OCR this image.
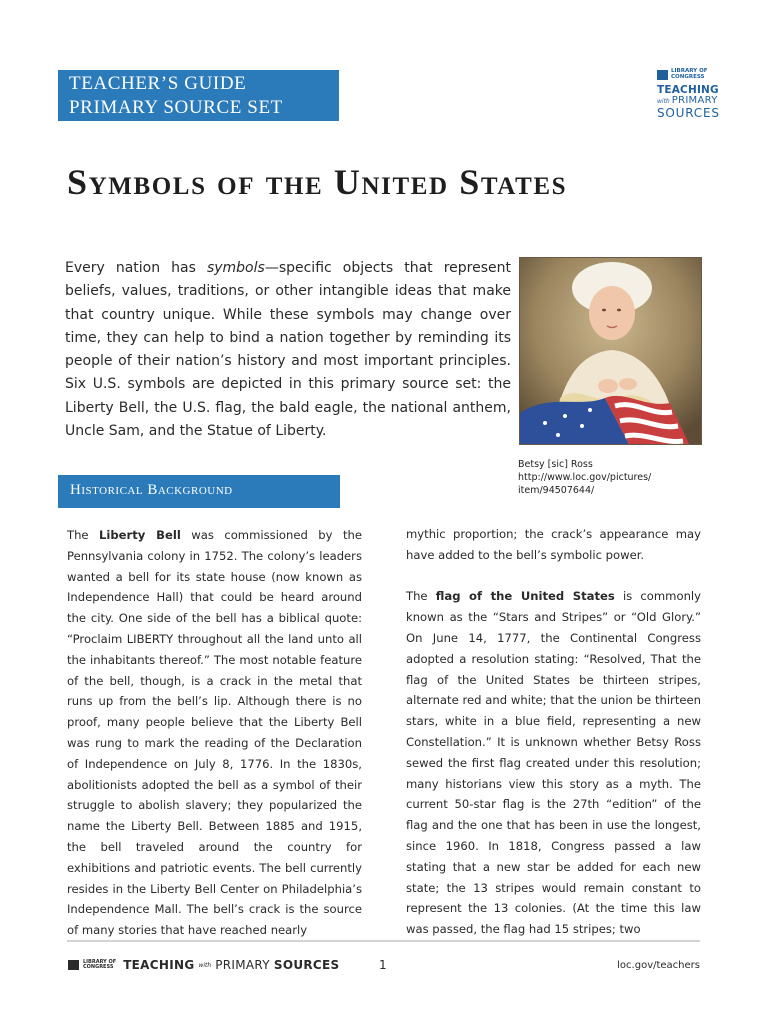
TEACHER’S GUIDE
PRIMARY SOURCE SET
LIBRARY OF
CONGRESS
TEACHING
with PRIMARY
SOURCES
Symbols of the United States

Every nation has symbols—specific objects that represent beliefs, values, traditions, or other intangible ideas that make that country unique. While these symbols may change over time, they can help to bind a nation together by reminding its people of their nation’s history and most important principles. Six U.S. symbols are depicted in this primary source set: the Liberty Bell, the U.S. flag, the bald eagle, the national anthem, Uncle Sam, and the Statue of Liberty.

Betsy [sic] Ross
http://www.loc.gov/pictures/
item/94507644/
Historical Background

The Liberty Bell was commissioned by the Pennsylvania colony in 1752. The colony’s leaders wanted a bell for its state house (now known as Independence Hall) that could be heard around the city. One side of the bell has a biblical quote: “Proclaim LIBERTY throughout all the land unto all the inhabitants thereof.” The most notable feature of the bell, though, is a crack in the metal that runs up from the bell’s lip. Although there is no proof, many people believe that the Liberty Bell was rung to mark the reading of the Declaration of Independence on July 8, 1776. In the 1830s, abolitionists adopted the bell as a symbol of their struggle to abolish slavery; they popularized the name the Liberty Bell. Between 1885 and 1915, the bell traveled around the country for exhibitions and patriotic events. The bell currently resides in the Liberty Bell Center on Philadelphia’s Independence Mall. The bell’s crack is the source of many stories that have reached nearly

mythic proportion; the crack’s appearance may have added to the bell’s symbolic power.

The flag of the United States is commonly known as the “Stars and Stripes” or “Old Glory.” On June 14, 1777, the Continental Congress adopted a resolution stating: “Resolved, That the flag of the United States be thirteen stripes, alternate red and white; that the union be thirteen stars, white in a blue field, representing a new Constellation.” It is unknown whether Betsy Ross sewed the first flag created under this resolution; many historians view this story as a myth. The current 50-star flag is the 27th “edition” of the flag and the one that has been in use the longest, since 1960. In 1818, Congress passed a law stating that a new star be added for each new state; the 13 stripes would remain constant to represent the 13 colonies. (At the time this law was passed, the flag had 15 stripes; two

LIBRARY OF
CONGRESS TEACHING with PRIMARY SOURCES	1	loc.gov/teachers
